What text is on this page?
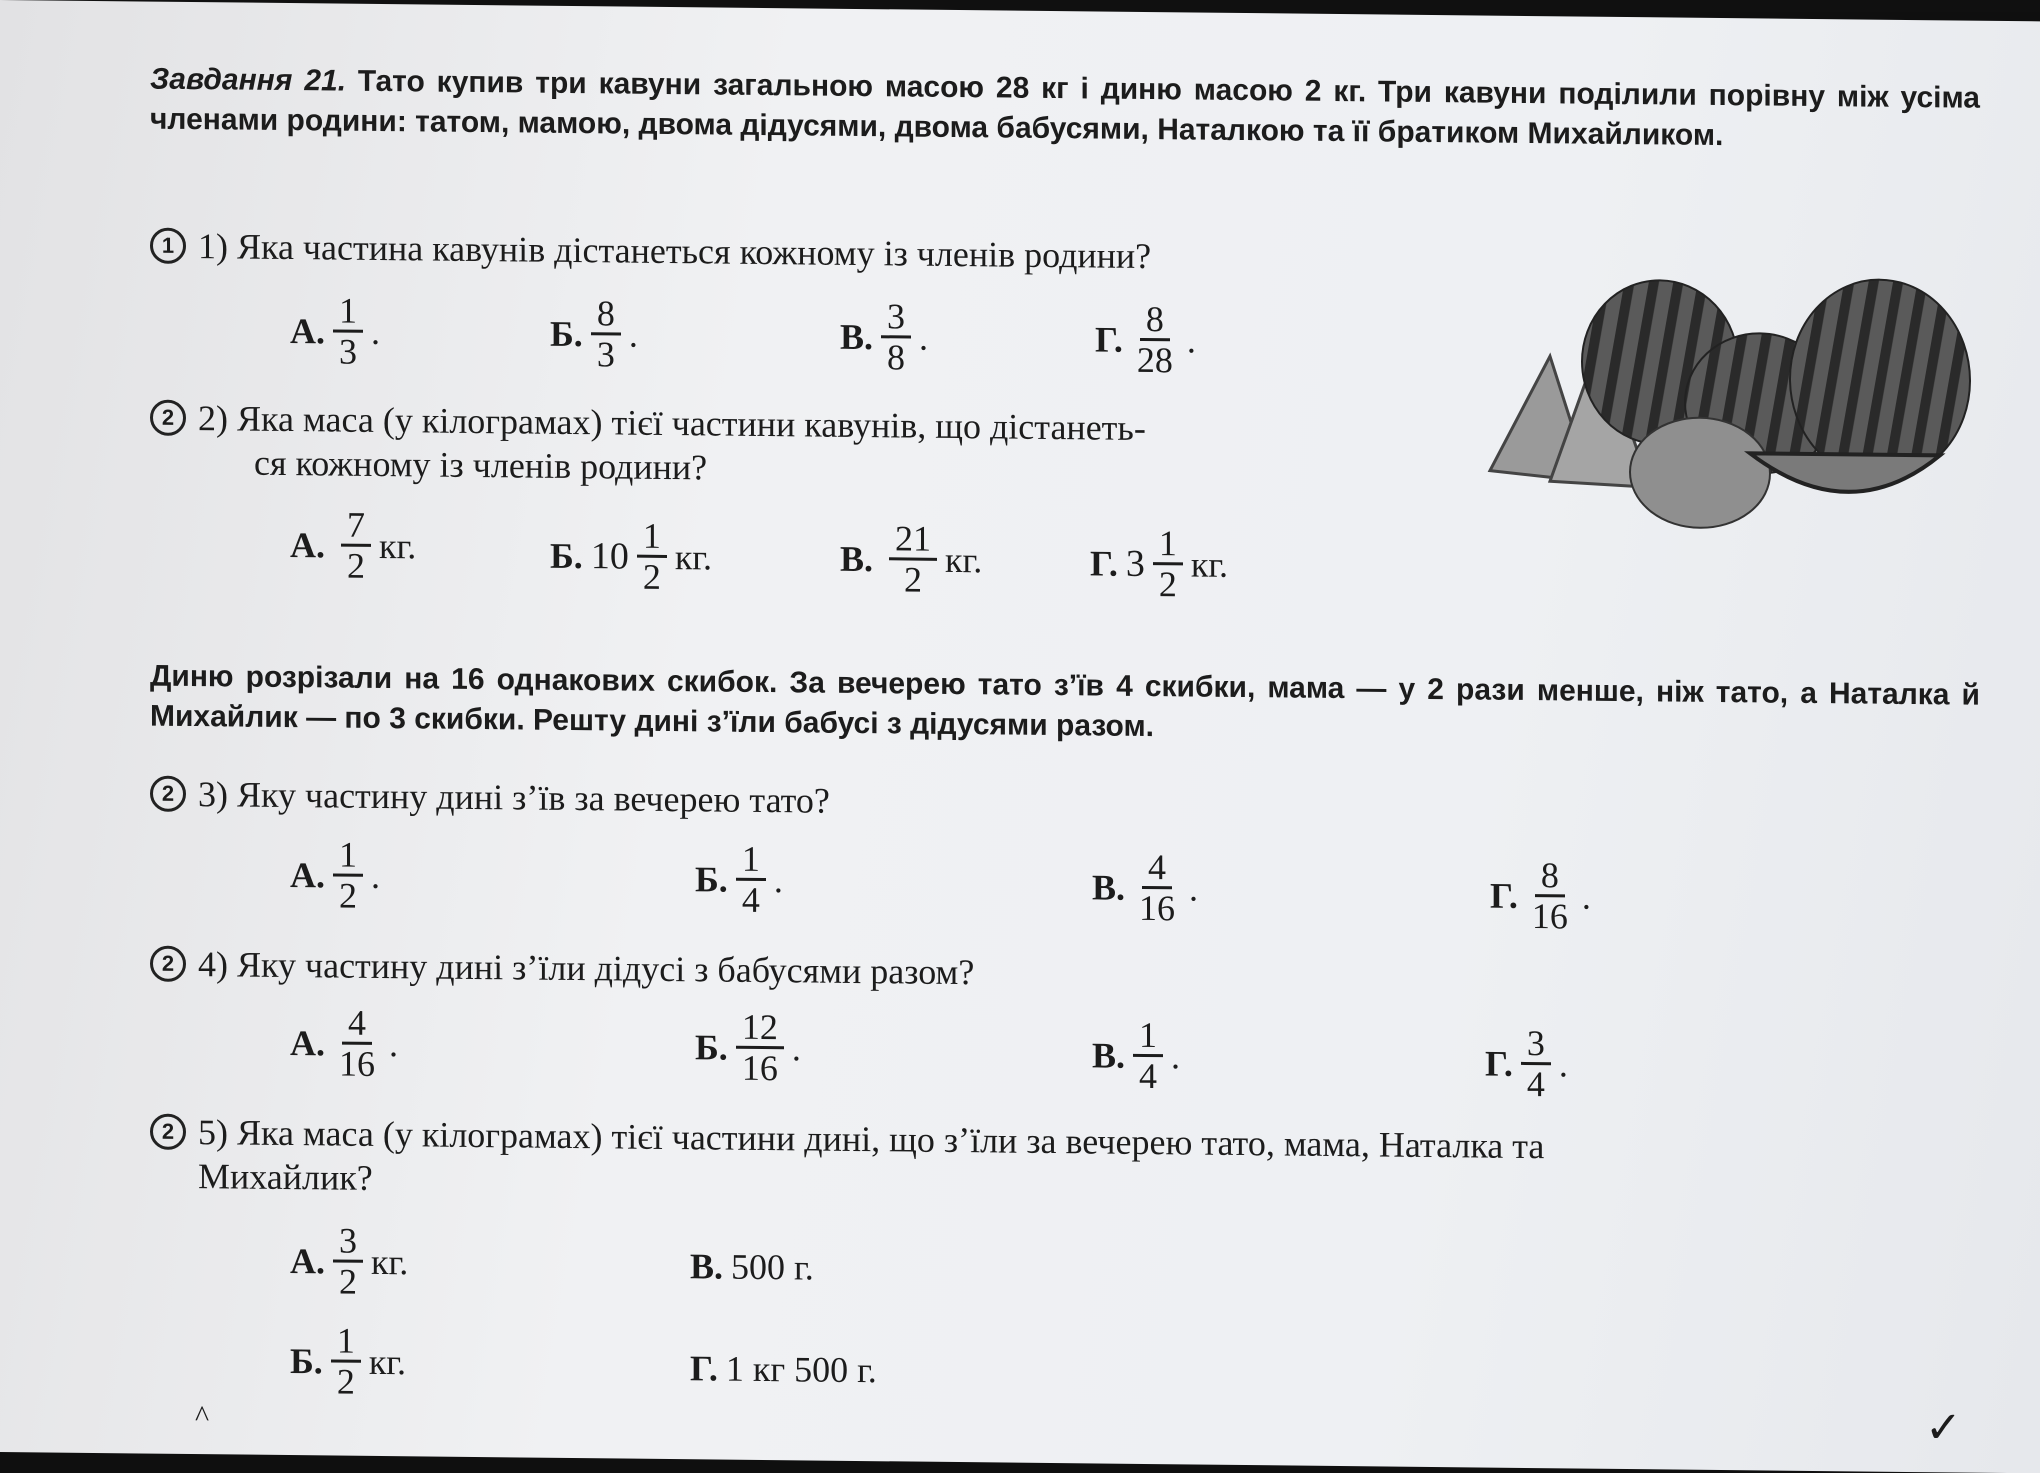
Завдання 21. Тато купив три кавуни загальною масою 28 кг і диню масою 2 кг. Три кавуни поділили порівну між усіма членами родини: татом, мамою, двома дідусями, двома бабусями, Наталкою та її братиком Михайликом.
1 1) Яка частина кавунів дістанеться кожному із членів родини?
А. $\frac{1}{3}$ .	Б. $\frac{8}{3}$ .	В. $\frac{3}{8}$ .	Г. $\frac{8}{28}$ .
2 2) Яка маса (у кілограмах) тієї частини кавунів, що дістанеть-
ся кожному із членів родини?
А. $\frac{7}{2}$ кг.	Б. $10 \frac{1}{2}$ кг.	В. $\frac{21}{2}$ кг.	Г. $3 \frac{1}{2}$ кг.
Диню розрізали на 16 однакових скибок. За вечерею тато з’їв 4 скибки, мама — у 2 рази менше, ніж тато, а Наталка й Михайлик — по 3 скибки. Решту дині з’їли бабусі з дідусями разом.
2 3) Яку частину дині з’їв за вечерею тато?
А. $\frac{1}{2}$ .	Б. $\frac{1}{4}$ .	В. $\frac{4}{16}$ .	Г. $\frac{8}{16}$ .
2 4) Яку частину дині з’їли дідусі з бабусями разом?
А. $\frac{4}{16}$ .	Б. $\frac{12}{16}$ .	В. $\frac{1}{4}$ .	Г. $\frac{3}{4}$ .
2 5) Яка маса (у кілограмах) тієї частини дині, що з’їли за вечерею тато, мама, Наталка та
Михайлик?
А. $\frac{3}{2}$ кг.
Б. $\frac{1}{2}$ кг.
В. 500 г.
Г. 1 кг 500 г.
^	✓
